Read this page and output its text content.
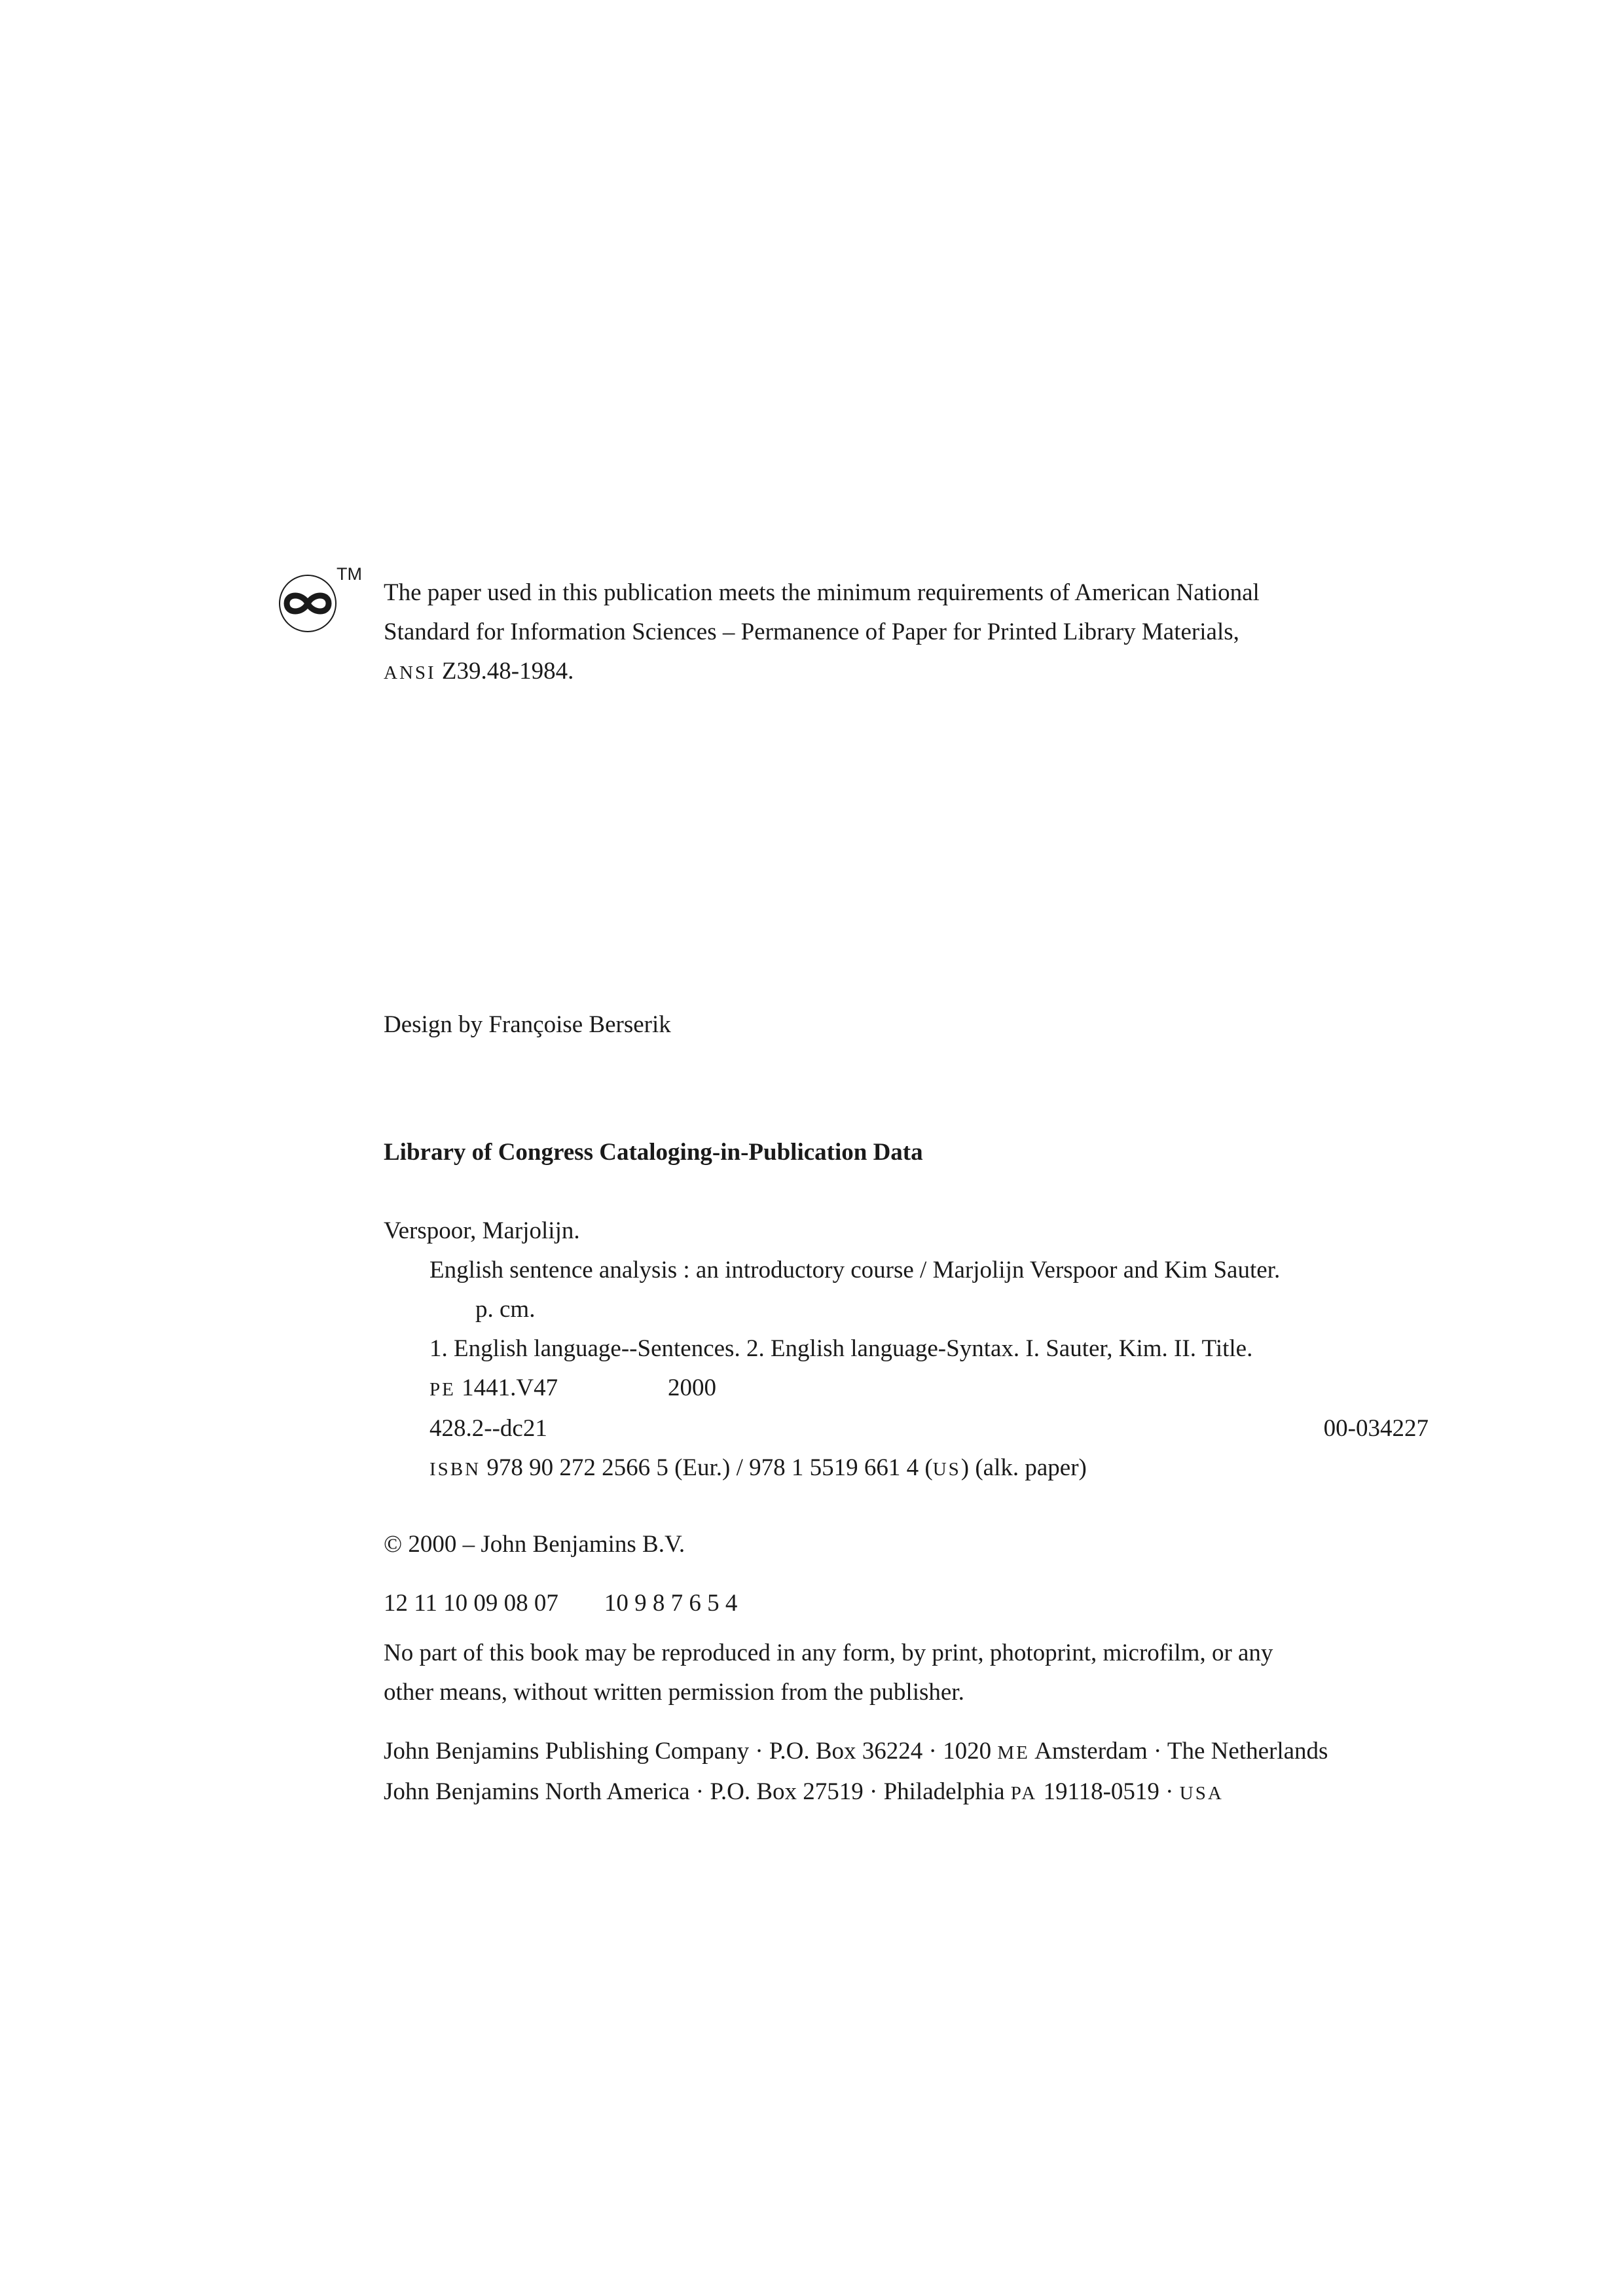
TM
The paper used in this publication meets the minimum requirements of American National
Standard for Information Sciences – Permanence of Paper for Printed Library Materials,
ANSI Z39.48-1984.
Design by Françoise Berserik
Library of Congress Cataloging-in-Publication Data
Verspoor, Marjolijn.
English sentence analysis : an introductory course / Marjolijn Verspoor and Kim Sauter.
p. cm.
1. English language--Sentences. 2. English language-Syntax. I. Sauter, Kim. II. Title.
PE 1441.V47	2000
428.2--dc21	00-034227
ISBN 978 90 272 2566 5 (Eur.) / 978 1 5519 661 4 (US) (alk. paper)
© 2000 – John Benjamins B.V.
12 11 10 09 08 07 10 9 8 7 6 5 4
No part of this book may be reproduced in any form, by print, photoprint, microfilm, or any
other means, without written permission from the publisher.
John Benjamins Publishing Company · P.O. Box 36224 · 1020 ME Amsterdam · The Netherlands
John Benjamins North America · P.O. Box 27519 · Philadelphia PA 19118-0519 · USA
